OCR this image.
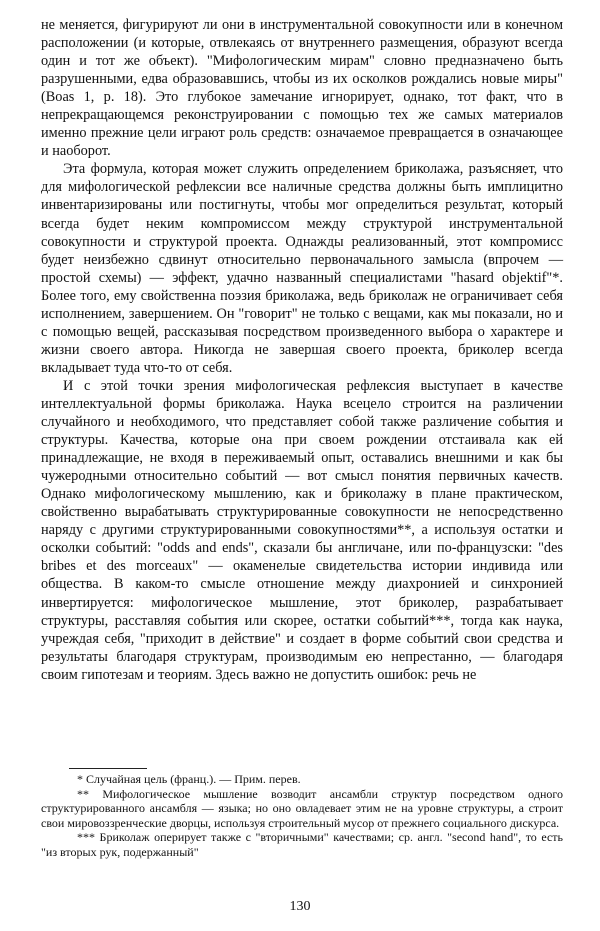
не меняется, фигурируют ли они в инструментальной совокупности или в конечном расположении (и которые, отвлекаясь от внутреннего размещения, образуют всегда один и тот же объект). "Мифологическим мирам" словно предназначено быть разрушенными, едва образовавшись, чтобы из их осколков рождались новые миры" (Boas 1, p. 18). Это глубокое замечание игнорирует, однако, тот факт, что в непрекращающемся реконструировании с помощью тех же самых материалов именно прежние цели играют роль средств: означаемое превращается в означающее и наоборот.

Эта формула, которая может служить определением бриколажа, разъясняет, что для мифологической рефлексии все наличные средства должны быть имплицитно инвентаризированы или постигнуты, чтобы мог определиться результат, который всегда будет неким компромиссом между структурой инструментальной совокупности и структурой проекта. Однажды реализованный, этот компромисс будет неизбежно сдвинут относительно первоначального замысла (впрочем — простой схемы) — эффект, удачно названный специалистами "hasard objektif"*. Более того, ему свойственна поэзия бриколажа, ведь бриколаж не ограничивает себя исполнением, завершением. Он "говорит" не только с вещами, как мы показали, но и с помощью вещей, рассказывая посредством произведенного выбора о характере и жизни своего автора. Никогда не завершая своего проекта, бриколер всегда вкладывает туда что-то от себя.

И с этой точки зрения мифологическая рефлексия выступает в качестве интеллектуальной формы бриколажа. Наука всецело строится на различении случайного и необходимого, что представляет собой также различение события и структуры. Качества, которые она при своем рождении отстаивала как ей принадлежащие, не входя в переживаемый опыт, оставались внешними и как бы чужеродными относительно событий — вот смысл понятия первичных качеств. Однако мифологическому мышлению, как и бриколажу в плане практическом, свойственно вырабатывать структурированные совокупности не непосредственно наряду с другими структурированными совокупностями**, а используя остатки и осколки событий: "odds and ends", сказали бы англичане, или по-французски: "des bribes et des morceaux" — окаменелые свидетельства истории индивида или общества. В каком-то смысле отношение между диахронией и синхронией инвертируется: мифологическое мышление, этот бриколер, разрабатывает структуры, расставляя события или скорее, остатки событий***, тогда как наука, учреждая себя, "приходит в действие" и создает в форме событий свои средства и результаты благодаря структурам, производимым ею непрестанно, — благодаря своим гипотезам и теориям. Здесь важно не допустить ошибок: речь не

* Случайная цель (франц.). — Прим. перев.

** Мифологическое мышление возводит ансамбли структур посредством одного структурированного ансамбля — языка; но оно овладевает этим не на уровне структуры, а строит свои мировоззренческие дворцы, используя строительный мусор от прежнего социального дискурса.

*** Бриколаж оперирует также с "вторичными" качествами; ср. англ. "second hand", то есть "из вторых рук, подержанный"

130
